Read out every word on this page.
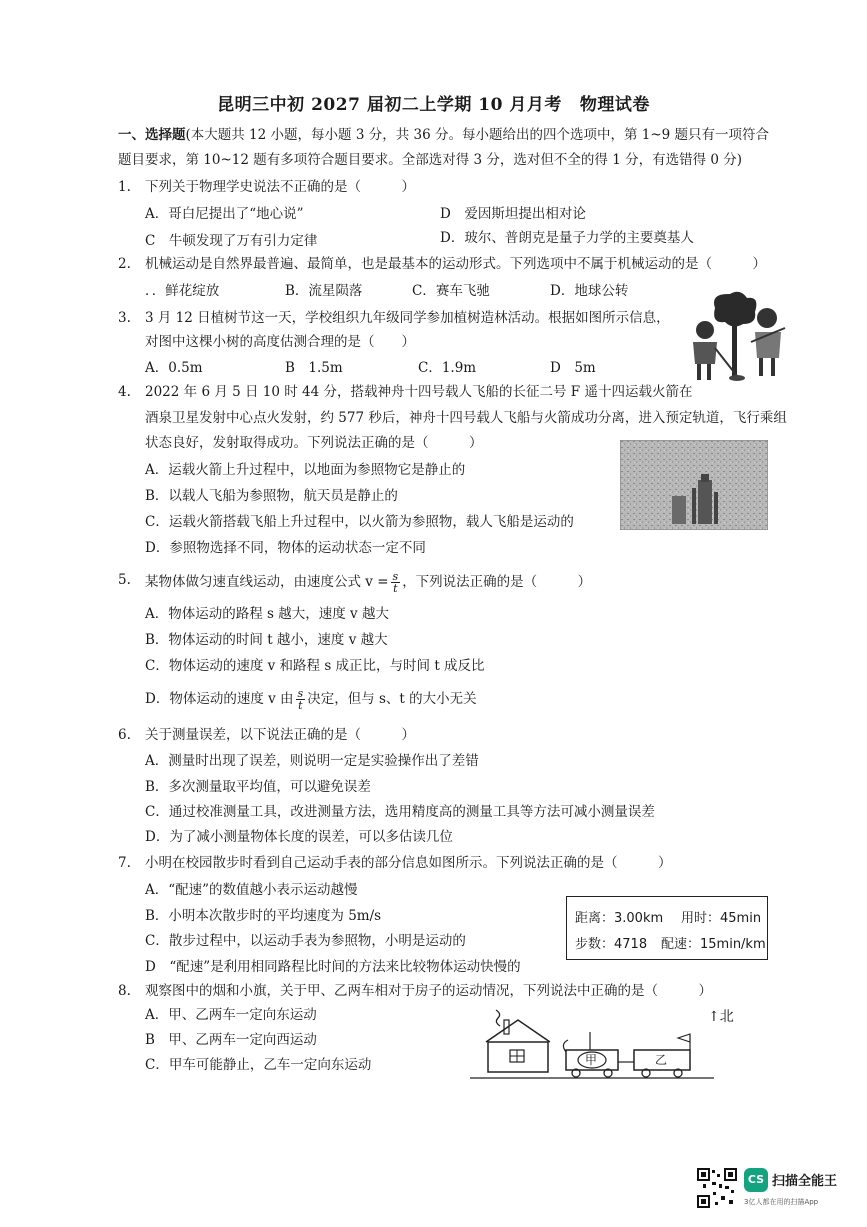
昆明三中初 2027 届初二上学期 10 月月考 物理试卷
一、选择题(本大题共 12 小题，每小题 3 分，共 36 分。每小题给出的四个选项中，第 1~9 题只有一项符合
题目要求，第 10~12 题有多项符合题目要求。全部选对得 3 分，选对但不全的得 1 分，有选错得 0 分)
1. 下列关于物理学史说法不正确的是（　　　）
A．哥白尼提出了“地心说”	D　爱因斯坦提出相对论
C　牛顿发现了万有引力定律	D．玻尔、普朗克是量子力学的主要奠基人
2. 机械运动是自然界最普遍、最简单，也是最基本的运动形式。下列选项中不属于机械运动的是（　　　）
．．鲜花绽放	B．流星陨落	C．赛车飞驰	D．地球公转
3. 3 月 12 日植树节这一天，学校组织九年级同学参加植树造林活动。根据如图所示信息，
对图中这棵小树的高度估测合理的是（　　）
A．0.5m	B　1.5m	C．1.9m	D　5m
4. 2022 年 6 月 5 日 10 时 44 分，搭载神舟十四号载人飞船的长征二号 F 遥十四运载火箭在
酒泉卫星发射中心点火发射，约 577 秒后，神舟十四号载人飞船与火箭成功分离，进入预定轨道，飞行乘组
状态良好，发射取得成功。下列说法正确的是（　　　）
A．运载火箭上升过程中，以地面为参照物它是静止的
B．以载人飞船为参照物，航天员是静止的
C．运载火箭搭载飞船上升过程中，以火箭为参照物，载人飞船是运动的
D．参照物选择不同，物体的运动状态一定不同
5. 某物体做匀速直线运动，由速度公式 $v = \frac{s}{t}$ ，下列说法正确的是（　　　）
A．物体运动的路程 s 越大，速度 v 越大
B．物体运动的时间 t 越小，速度 v 越大
C．物体运动的速度 v 和路程 s 成正比，与时间 t 成反比
D．物体运动的速度 v 由 $\frac{s}{t}$ 决定，但与 s、t 的大小无关
6. 关于测量误差，以下说法正确的是（　　　）
A．测量时出现了误差，则说明一定是实验操作出了差错
B．多次测量取平均值，可以避免误差
C．通过校准测量工具，改进测量方法，选用精度高的测量工具等方法可减小测量误差
D．为了减小测量物体长度的误差，可以多估读几位
7. 小明在校园散步时看到自己运动手表的部分信息如图所示。下列说法正确的是（　　　）
A．“配速”的数值越小表示运动越慢
B．小明本次散步时的平均速度为 5m/s
C．散步过程中，以运动手表为参照物，小明是运动的
D　“配速”是利用相同路程比时间的方法来比较物体运动快慢的
距离：3.00km 用时：45min
步数：4718 配速：15min/km
8. 观察图中的烟和小旗，关于甲、乙两车相对于房子的运动情况，下列说法中正确的是（　　　）
A．甲、乙两车一定向东运动
B　甲、乙两车一定向西运动
C．甲车可能静止，乙车一定向东运动
↑北
甲	乙
CS 扫描全能王
3亿人都在用的扫描App
